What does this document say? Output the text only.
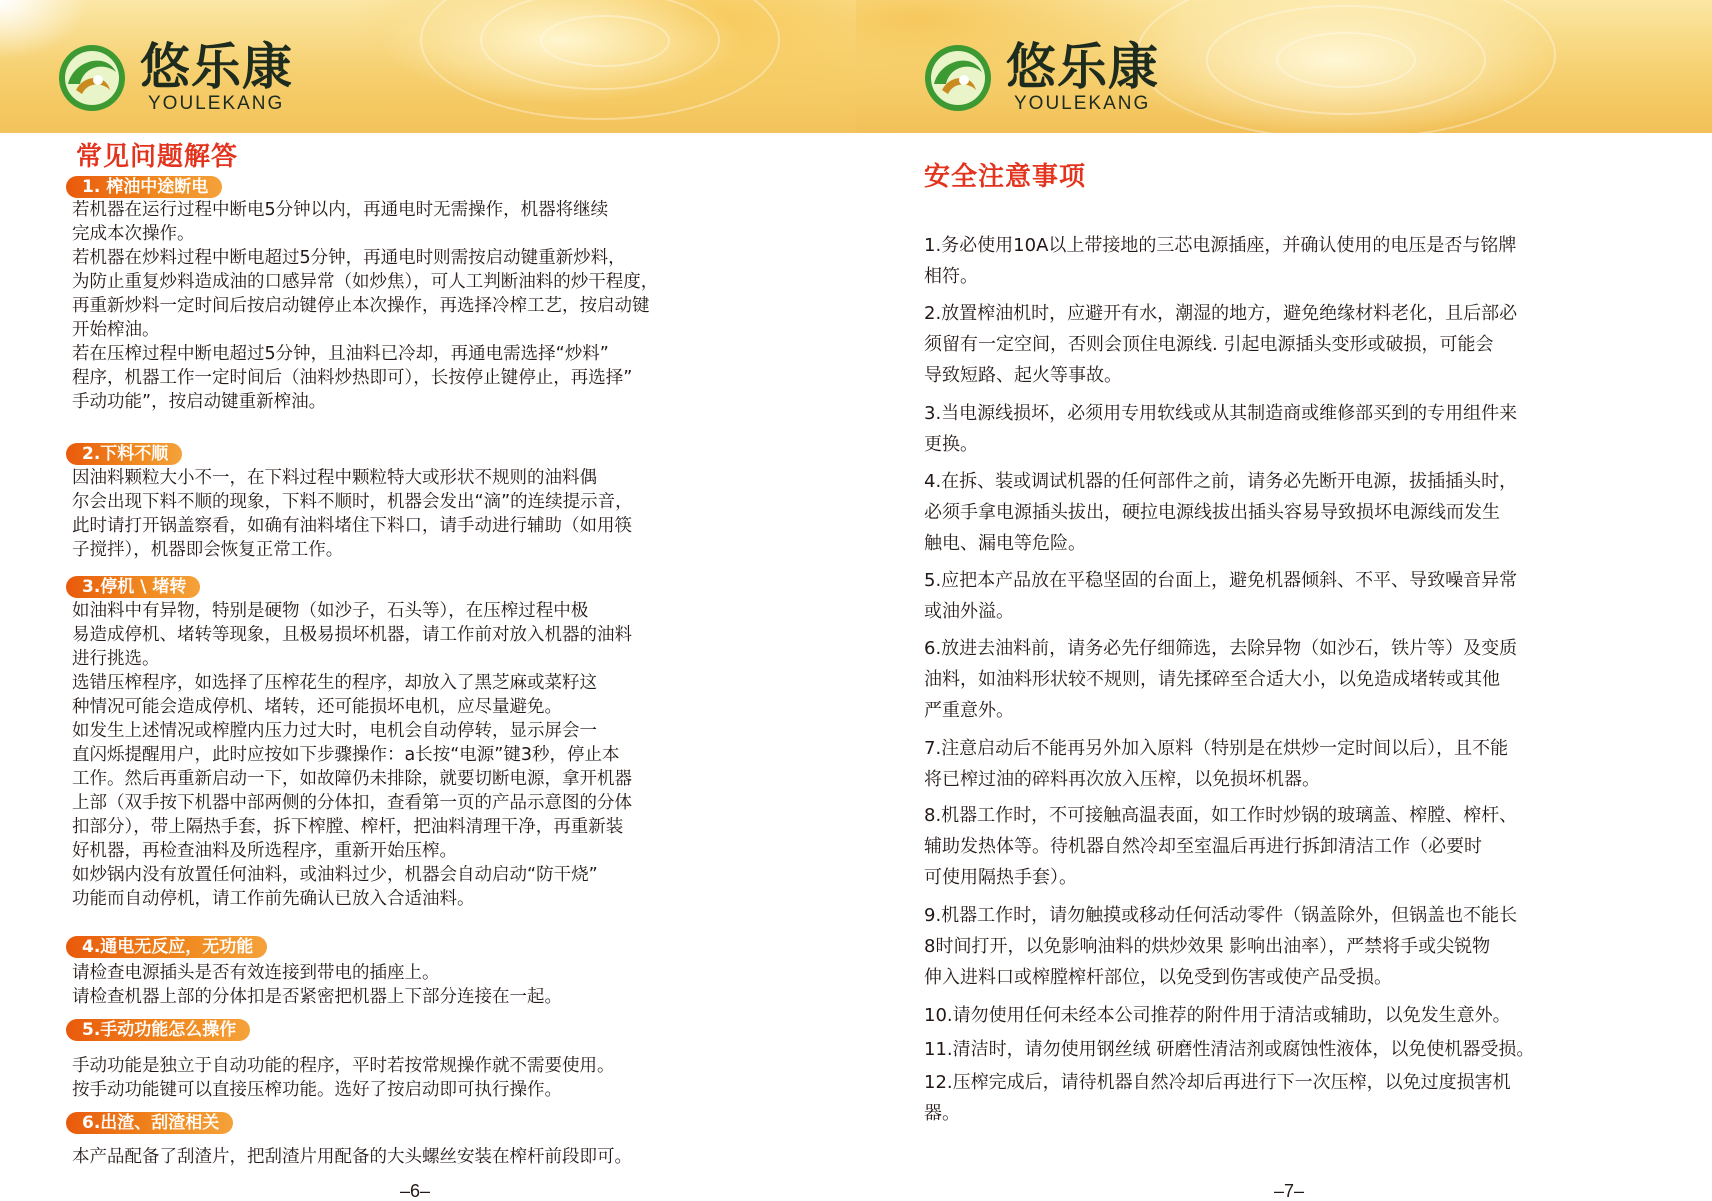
悠乐康
YOULEKANG
常见问题解答
1. 榨油中途断电
若机器在运行过程中断电5分钟以内，再通电时无需操作，机器将继续
完成本次操作。
若机器在炒料过程中断电超过5分钟，再通电时则需按启动键重新炒料，
为防止重复炒料造成油的口感异常（如炒焦），可人工判断油料的炒干程度，
再重新炒料一定时间后按启动键停止本次操作，再选择冷榨工艺，按启动键
开始榨油。
若在压榨过程中断电超过5分钟，且油料已冷却，再通电需选择“炒料”
程序，机器工作一定时间后（油料炒热即可），长按停止键停止，再选择”
手动功能”，按启动键重新榨油。
2.下料不顺
因油料颗粒大小不一，在下料过程中颗粒特大或形状不规则的油料偶
尔会出现下料不顺的现象，下料不顺时，机器会发出“滴”的连续提示音，
此时请打开锅盖察看，如确有油料堵住下料口，请手动进行辅助（如用筷
子搅拌），机器即会恢复正常工作。
3.停机 \ 堵转
如油料中有异物，特别是硬物（如沙子，石头等），在压榨过程中极
易造成停机、堵转等现象，且极易损坏机器，请工作前对放入机器的油料
进行挑选。
选错压榨程序，如选择了压榨花生的程序，却放入了黑芝麻或菜籽这
种情况可能会造成停机、堵转，还可能损坏电机，应尽量避免。
如发生上述情况或榨膛内压力过大时，电机会自动停转，显示屏会一
直闪烁提醒用户，此时应按如下步骤操作：a长按“电源”键3秒，停止本
工作。然后再重新启动一下，如故障仍未排除，就要切断电源，拿开机器
上部（双手按下机器中部两侧的分体扣，查看第一页的产品示意图的分体
扣部分），带上隔热手套，拆下榨膛、榨杆，把油料清理干净，再重新装
好机器，再检查油料及所选程序，重新开始压榨。
如炒锅内没有放置任何油料，或油料过少，机器会自动启动“防干烧”
功能而自动停机，请工作前先确认已放入合适油料。
4.通电无反应，无功能
请检查电源插头是否有效连接到带电的插座上。
请检查机器上部的分体扣是否紧密把机器上下部分连接在一起。
5.手动功能怎么操作
手动功能是独立于自动功能的程序，平时若按常规操作就不需要使用。
按手动功能键可以直接压榨功能。选好了按启动即可执行操作。
6.出渣、刮渣相关
本产品配备了刮渣片，把刮渣片用配备的大头螺丝安装在榨杆前段即可。
–6–
悠乐康
YOULEKANG
安全注意事项
1.务必使用10A以上带接地的三芯电源插座，并确认使用的电压是否与铭牌
相符。
2.放置榨油机时，应避开有水，潮湿的地方，避免绝缘材料老化，且后部必
须留有一定空间，否则会顶住电源线. 引起电源插头变形或破损，可能会
导致短路、起火等事故。
3.当电源线损坏，必须用专用软线或从其制造商或维修部买到的专用组件来
更换。
4.在拆、装或调试机器的任何部件之前，请务必先断开电源，拔插插头时，
必须手拿电源插头拔出，硬拉电源线拔出插头容易导致损坏电源线而发生
触电、漏电等危险。
5.应把本产品放在平稳坚固的台面上，避免机器倾斜、不平、导致噪音异常
或油外溢。
6.放进去油料前，请务必先仔细筛选，去除异物（如沙石，铁片等）及变质
油料，如油料形状较不规则，请先揉碎至合适大小，以免造成堵转或其他
严重意外。
7.注意启动后不能再另外加入原料（特别是在烘炒一定时间以后），且不能
将已榨过油的碎料再次放入压榨，以免损坏机器。
8.机器工作时，不可接触高温表面，如工作时炒锅的玻璃盖、榨膛、榨杆、
辅助发热体等。待机器自然冷却至室温后再进行拆卸清洁工作（必要时
可使用隔热手套）。
9.机器工作时，请勿触摸或移动任何活动零件（锅盖除外，但锅盖也不能长
8时间打开，以免影响油料的烘炒效果 影响出油率），严禁将手或尖锐物
伸入进料口或榨膛榨杆部位，以免受到伤害或使产品受损。
10.请勿使用任何未经本公司推荐的附件用于清洁或辅助，以免发生意外。
11.清洁时，请勿使用钢丝绒 研磨性清洁剂或腐蚀性液体，以免使机器受损。
12.压榨完成后，请待机器自然冷却后再进行下一次压榨，以免过度损害机
器。
–7–
